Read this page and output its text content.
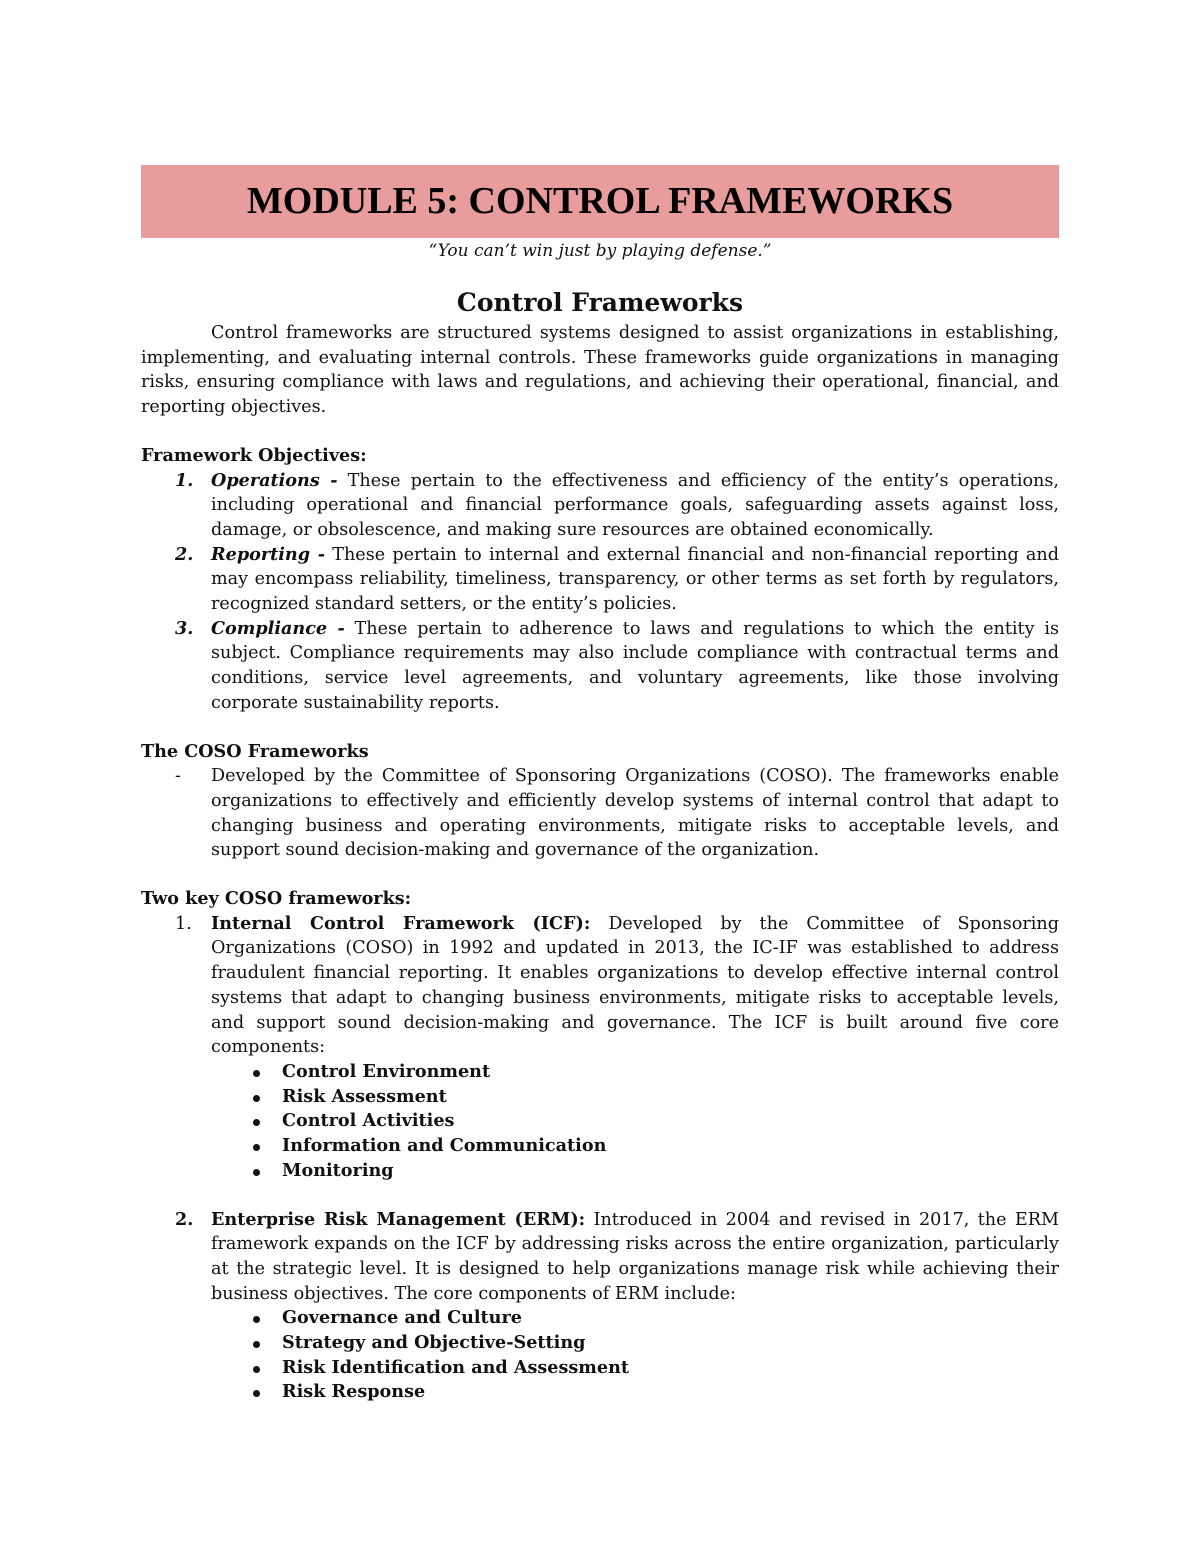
MODULE 5: CONTROL FRAMEWORKS
“You can’t win just by playing defense.”
Control Frameworks

Control frameworks are structured systems designed to assist organizations in establishing, implementing, and evaluating internal controls. These frameworks guide organizations in managing risks, ensuring compliance with laws and regulations, and achieving their operational, financial, and reporting objectives.

Framework Objectives:

1.	Operations - These pertain to the effectiveness and efficiency of the entity’s operations, including operational and financial performance goals, safeguarding assets against loss, damage, or obsolescence, and making sure resources are obtained economically.
2.	Reporting - These pertain to internal and external financial and non-financial reporting and may encompass reliability, timeliness, transparency, or other terms as set forth by regulators, recognized standard setters, or the entity’s policies.
3.	Compliance - These pertain to adherence to laws and regulations to which the entity is subject. Compliance requirements may also include compliance with contractual terms and conditions, service level agreements, and voluntary agreements, like those involving corporate sustainability reports.

The COSO Frameworks

-	Developed by the Committee of Sponsoring Organizations (COSO). The frameworks enable organizations to effectively and efficiently develop systems of internal control that adapt to changing business and operating environments, mitigate risks to acceptable levels, and support sound decision-making and governance of the organization.

Two key COSO frameworks:

1.	Internal Control Framework (ICF): Developed by the Committee of Sponsoring Organizations (COSO) in 1992 and updated in 2013, the IC-IF was established to address fraudulent financial reporting. It enables organizations to develop effective internal control systems that adapt to changing business environments, mitigate risks to acceptable levels, and support sound decision-making and governance. The ICF is built around five core components:
Control Environment
Risk Assessment
Control Activities
Information and Communication
Monitoring
2.	Enterprise Risk Management (ERM): Introduced in 2004 and revised in 2017, the ERM framework expands on the ICF by addressing risks across the entire organization, particularly at the strategic level. It is designed to help organizations manage risk while achieving their business objectives. The core components of ERM include:
Governance and Culture
Strategy and Objective-Setting
Risk Identification and Assessment
Risk Response
